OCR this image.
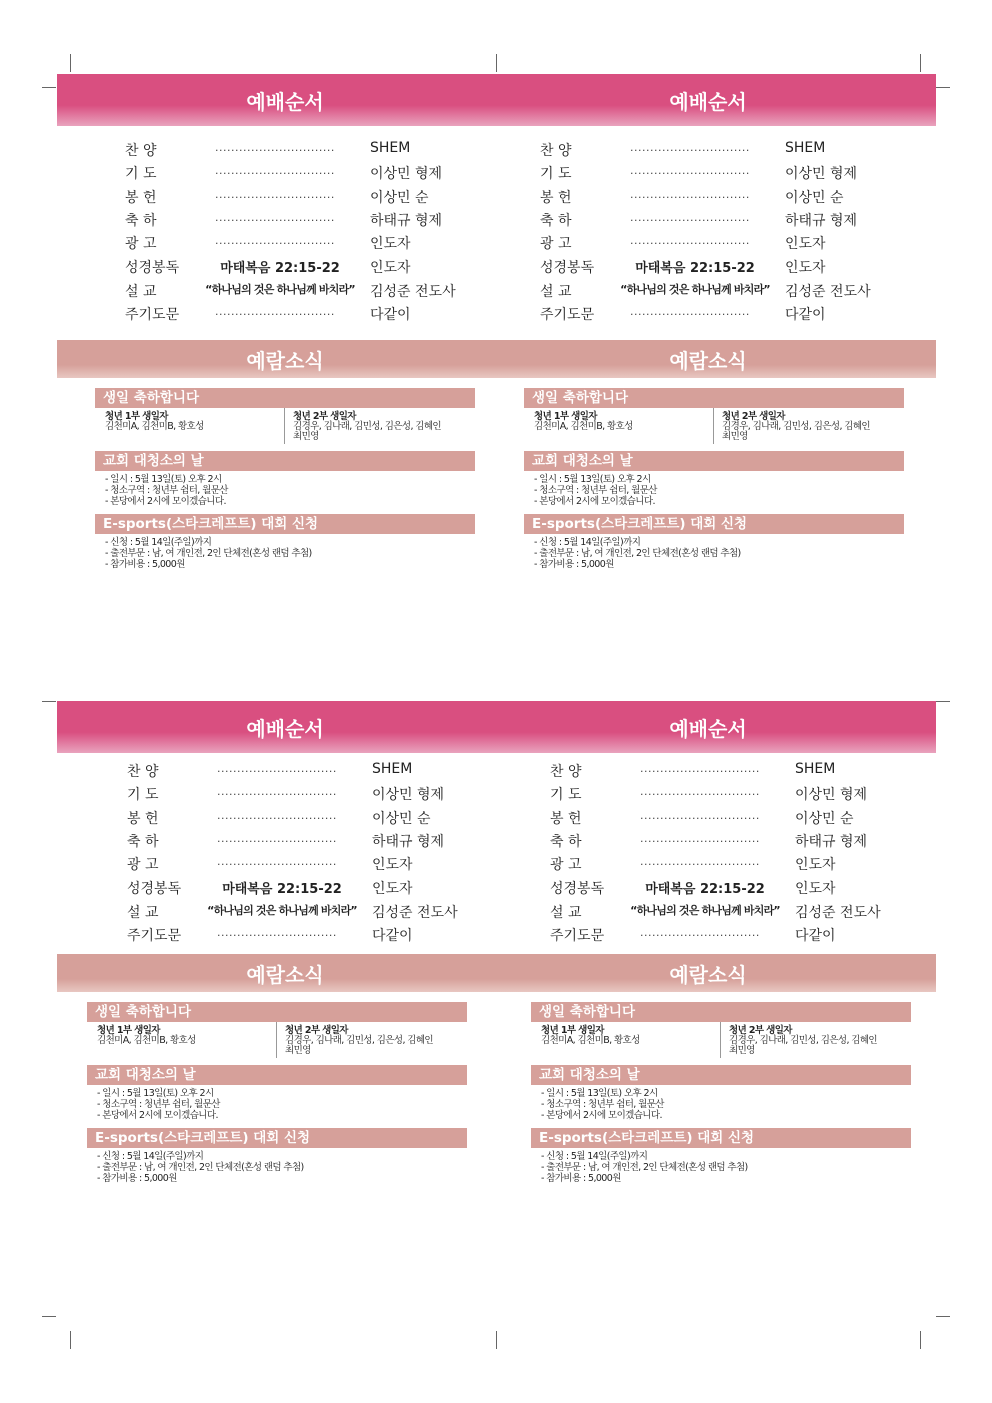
예배순서	예배순서
예람소식	예람소식
예배순서	예배순서
예람소식	예람소식
찬 양	..............................	SHEM
기 도	..............................	이상민 형제
봉 헌	..............................	이상민 순
축 하	..............................	하태규 형제
광 고	..............................	인도자
성경봉독	마태복음 22:15-22	인도자
설 교	“하나님의 것은 하나님께 바치라” 김성준 전도사
주기도문	..............................	다같이
생일 축하합니다
청년 1부 생일자
김천미A, 김천미B, 황호성
청년 2부 생일자
김경우, 김나래, 김민성, 김은성, 김혜인
최민영
교회 대청소의 날
- 일시 : 5월 13일(토) 오후 2시
- 청소구역 : 청년부 쉼터, 월문산
- 본당에서 2시에 모이겠습니다.
E-sports(스타크레프트) 대회 신청
- 신청 : 5월 14일(주일)까지
- 출전부문 : 남, 여 개인전, 2인 단체전(혼성 랜덤 추첨)
- 참가비용 : 5,000원
찬 양	..............................	SHEM
기 도	..............................	이상민 형제
봉 헌	..............................	이상민 순
축 하	..............................	하태규 형제
광 고	..............................	인도자
성경봉독	마태복음 22:15-22	인도자
설 교	“하나님의 것은 하나님께 바치라” 김성준 전도사
주기도문	..............................	다같이
생일 축하합니다
청년 1부 생일자
김천미A, 김천미B, 황호성
청년 2부 생일자
김경우, 김나래, 김민성, 김은성, 김혜인
최민영
교회 대청소의 날
- 일시 : 5월 13일(토) 오후 2시
- 청소구역 : 청년부 쉼터, 월문산
- 본당에서 2시에 모이겠습니다.
E-sports(스타크레프트) 대회 신청
- 신청 : 5월 14일(주일)까지
- 출전부문 : 남, 여 개인전, 2인 단체전(혼성 랜덤 추첨)
- 참가비용 : 5,000원
찬 양	..............................	SHEM
기 도	..............................	이상민 형제
봉 헌	..............................	이상민 순
축 하	..............................	하태규 형제
광 고	..............................	인도자
성경봉독	마태복음 22:15-22	인도자
설 교	“하나님의 것은 하나님께 바치라” 김성준 전도사
주기도문	..............................	다같이
생일 축하합니다
청년 1부 생일자
김천미A, 김천미B, 황호성
청년 2부 생일자
김경우, 김나래, 김민성, 김은성, 김혜인
최민영
교회 대청소의 날
- 일시 : 5월 13일(토) 오후 2시
- 청소구역 : 청년부 쉼터, 월문산
- 본당에서 2시에 모이겠습니다.
E-sports(스타크레프트) 대회 신청
- 신청 : 5월 14일(주일)까지
- 출전부문 : 남, 여 개인전, 2인 단체전(혼성 랜덤 추첨)
- 참가비용 : 5,000원
찬 양	..............................	SHEM
기 도	..............................	이상민 형제
봉 헌	..............................	이상민 순
축 하	..............................	하태규 형제
광 고	..............................	인도자
성경봉독	마태복음 22:15-22	인도자
설 교	“하나님의 것은 하나님께 바치라” 김성준 전도사
주기도문	..............................	다같이
생일 축하합니다
청년 1부 생일자
김천미A, 김천미B, 황호성
청년 2부 생일자
김경우, 김나래, 김민성, 김은성, 김혜인
최민영
교회 대청소의 날
- 일시 : 5월 13일(토) 오후 2시
- 청소구역 : 청년부 쉼터, 월문산
- 본당에서 2시에 모이겠습니다.
E-sports(스타크레프트) 대회 신청
- 신청 : 5월 14일(주일)까지
- 출전부문 : 남, 여 개인전, 2인 단체전(혼성 랜덤 추첨)
- 참가비용 : 5,000원
